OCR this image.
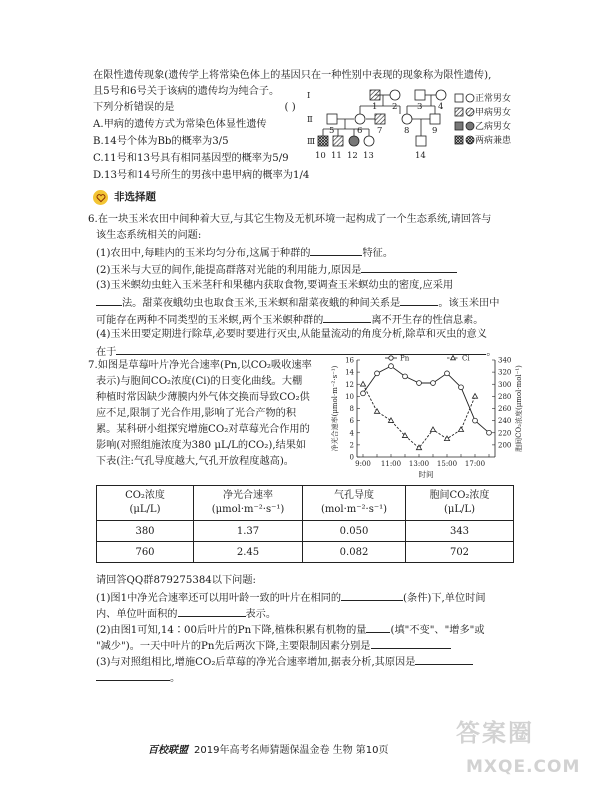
在限性遗传现象(遗传学上将常染色体上的基因只在一种性别中表现的现象称为限性遗传),
且5号和6号关于该病的遗传均为纯合子。
下列分析错误的是	( )
A.甲病的遗传方式为常染色体显性遗传
B.14号个体为Bb的概率为3/5
C.11号和13号具有相同基因型的概率为5/9
D.13号和14号所生的男孩中患甲病的概率为1/4
Ⅰ
Ⅱ
Ⅲ
1 2 3 4
5	6 7	8	9
10 11 12 13	14
正常男女
甲病男女
乙病男女
两病兼患
非选择题
6.在一块玉米农田中间种着大豆,与其它生物及无机环境一起构成了一个生态系统,请回答与
该生态系统相关的问题:
(1)农田中,每畦内的玉米均匀分布,这属于种群的	特征。
(2)玉米与大豆的间作,能提高群落对光能的利用能力,原因是
(3)玉米螟幼虫蛀入玉米茎秆和果穗内获取食物,要调查玉米螟幼虫的密度,应采用
法。甜菜夜蛾幼虫也取食玉米,玉米螟和甜菜夜蛾的种间关系是	。该玉米田中
可能存在两种不同类型的玉米螟,两个玉米螟种群的	离不开生存的性信息素。
(4)玉米田要定期进行除草,必要时要进行灭虫,从能量流动的角度分析,除草和灭虫的意义
在于	。
7.如图是草莓叶片净光合速率(Pn,以CO₂吸收速率
表示)与胞间CO₂浓度(Ci)的日变化曲线。大棚
种植时常因缺少薄膜内外气体交换而导致CO₂供
应不足,限制了光合作用,影响了光合产物的积
累。某科研小组探究增施CO₂对草莓光合作用的
影响(对照组施浓度为380 μL/L的CO₂),结果如
下表(注:气孔导度越大,气孔开放程度越高)。	0
2
4
6
8
10
12
14
16
200
220
240
260
280
300
320
340
9:00 11:00 13:00 15:00 17:00
时间
净光合速率(μmol·m⁻²·s⁻¹)	胞间CO₂浓度(μmol·mol⁻¹)
Pn	Ci
CO₂浓度
(μL/L)	净光合速率
(μmol·m⁻²·s⁻¹)	气孔导度
(mol·m⁻²·s⁻¹)	胞间CO₂浓度
(μL/L)

380	1.37	0.050	343
760	2.45	0.082	702
请回答QQ群879275384以下问题:
(1)图1中净光合速率还可以用叶龄一致的叶片在相同的	(条件)下,单位时间
内、单位叶面积的	表示。
(2)由图1可知,14∶00后叶片的Pn下降,植株积累有机物的量 (填"不变"、"增多"或
"减少")。一天中叶片的Pn先后两次下降,主要限制因素分别是
(3)与对照组相比,增施CO₂后草莓的净光合速率增加,据表分析,其原因是
。
百校联盟 2019年高考名师猜题保温金卷 生物 第10页
答案圈
MXQE.COM
